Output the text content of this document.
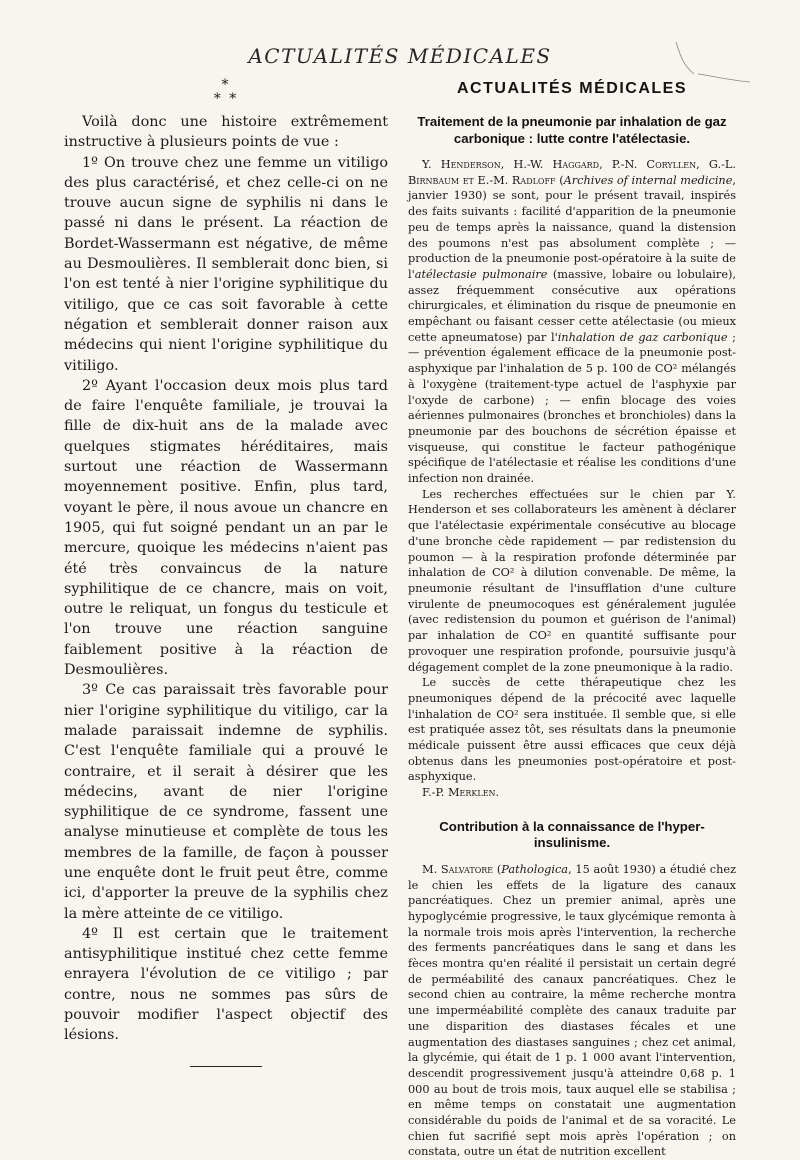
ACTUALITÉS MÉDICALES
*
* *

Voilà donc une histoire extrêmement instructive à plusieurs points de vue :

1º On trouve chez une femme un vitiligo des plus caractérisé, et chez celle-ci on ne trouve aucun signe de syphilis ni dans le passé ni dans le présent. La réaction de Bordet-Wassermann est négative, de même au Desmoulières. Il semblerait donc bien, si l'on est tenté à nier l'origine syphilitique du vitiligo, que ce cas soit favorable à cette négation et semblerait donner raison aux médecins qui nient l'origine syphilitique du vitiligo.

2º Ayant l'occasion deux mois plus tard de faire l'enquête familiale, je trouvai la fille de dix-huit ans de la malade avec quelques stigmates héréditaires, mais surtout une réaction de Wassermann moyennement positive. Enfin, plus tard, voyant le père, il nous avoue un chancre en 1905, qui fut soigné pendant un an par le mercure, quoique les médecins n'aient pas été très convaincus de la nature syphilitique de ce chancre, mais on voit, outre le reliquat, un fongus du testicule et l'on trouve une réaction sanguine faiblement positive à la réaction de Desmoulières.

3º Ce cas paraissait très favorable pour nier l'origine syphilitique du vitiligo, car la malade paraissait indemne de syphilis. C'est l'enquête familiale qui a prouvé le contraire, et il serait à désirer que les médecins, avant de nier l'origine syphilitique de ce syndrome, fassent une analyse minutieuse et complète de tous les membres de la famille, de façon à pousser une enquête dont le fruit peut être, comme ici, d'apporter la preuve de la syphilis chez la mère atteinte de ce vitiligo.

4º Il est certain que le traitement antisyphilitique institué chez cette femme enrayera l'évolution de ce vitiligo ; par contre, nous ne sommes pas sûrs de pouvoir modifier l'aspect objectif des lésions.

ACTUALITÉS MÉDICALES
Traitement de la pneumonie par inhalation de gaz carbonique : lutte contre l'atélectasie.

Y. Henderson, H.-W. Haggard, P.-N. Coryllen, G.-L. Birnbaum et E.-M. Radloff (Archives of internal medicine, janvier 1930) se sont, pour le présent travail, inspirés des faits suivants : facilité d'apparition de la pneumonie peu de temps après la naissance, quand la distension des poumons n'est pas absolument complète ; — production de la pneumonie post-opératoire à la suite de l'atélectasie pulmonaire (massive, lobaire ou lobulaire), assez fréquemment consécutive aux opérations chirurgicales, et élimination du risque de pneumonie en empêchant ou faisant cesser cette atélectasie (ou mieux cette apneumatose) par l'inhalation de gaz carbonique ; — prévention également efficace de la pneumonie post-asphyxique par l'inhalation de 5 p. 100 de CO² mélangés à l'oxygène (traitement-type actuel de l'asphyxie par l'oxyde de carbone) ; — enfin blocage des voies aériennes pulmonaires (bronches et bronchioles) dans la pneumonie par des bouchons de sécrétion épaisse et visqueuse, qui constitue le facteur pathogénique spécifique de l'atélectasie et réalise les conditions d'une infection non drainée.

Les recherches effectuées sur le chien par Y. Henderson et ses collaborateurs les amènent à déclarer que l'atélectasie expérimentale consécutive au blocage d'une bronche cède rapidement — par redistension du poumon — à la respiration profonde déterminée par inhalation de CO² à dilution convenable. De même, la pneumonie résultant de l'insufflation d'une culture virulente de pneumocoques est généralement jugulée (avec redistension du poumon et guérison de l'animal) par inhalation de CO² en quantité suffisante pour provoquer une respiration profonde, poursuivie jusqu'à dégagement complet de la zone pneumonique à la radio.

Le succès de cette thérapeutique chez les pneumoniques dépend de la précocité avec laquelle l'inhalation de CO² sera instituée. Il semble que, si elle est pratiquée assez tôt, ses résultats dans la pneumonie médicale puissent être aussi efficaces que ceux déjà obtenus dans les pneumonies post-opératoire et post-asphyxique.

F.-P. Merklen.

Contribution à la connaissance de l'hyper-insulinisme.

M. Salvatore (Pathologica, 15 août 1930) a étudié chez le chien les effets de la ligature des canaux pancréatiques. Chez un premier animal, après une hypoglycémie progressive, le taux glycémique remonta à la normale trois mois après l'intervention, la recherche des ferments pancréatiques dans le sang et dans les fèces montra qu'en réalité il persistait un certain degré de perméabilité des canaux pancréatiques. Chez le second chien au contraire, la même recherche montra une imperméabilité complète des canaux traduite par une disparition des diastases fécales et une augmentation des diastases sanguines ; chez cet animal, la glycémie, qui était de 1 p. 1 000 avant l'intervention, descendit progressivement jusqu'à atteindre 0,68 p. 1 000 au bout de trois mois, taux auquel elle se stabilisa ; en même temps on constatait une augmentation considérable du poids de l'animal et de sa voracité. Le chien fut sacrifié sept mois après l'opération ; on constata, outre un état de nutrition excellent
